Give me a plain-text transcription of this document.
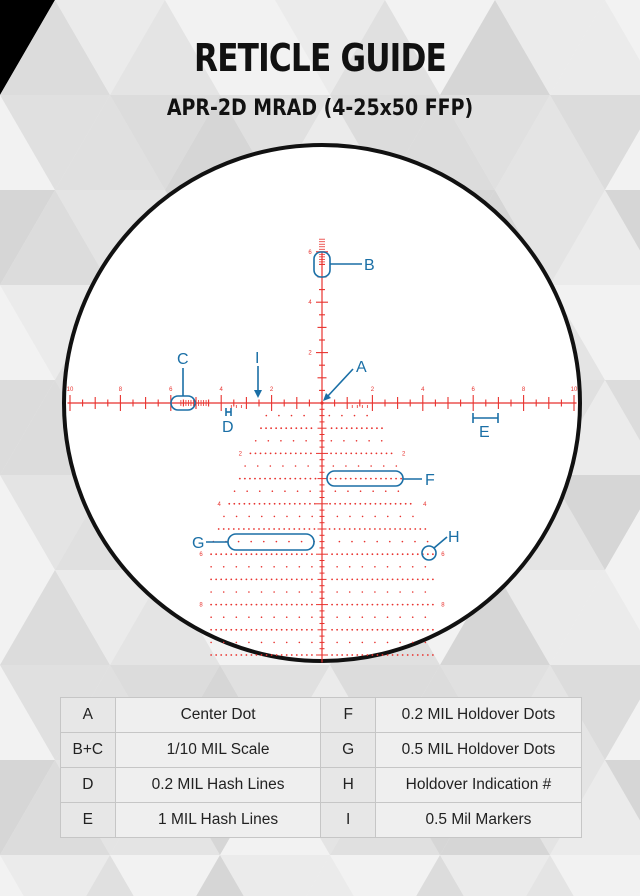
RETICLE GUIDE
APR-2D MRAD (4-25x50 FFP)
10	8	6	4	2	2	4	6	8	10
6
4
2
2	2
4	4
6	6
8	8
B
C	I
A
D	E
F
G	H
A	Center Dot	F	0.2 MIL Holdover Dots
B+C	1/10 MIL Scale	G	0.5 MIL Holdover Dots
D	0.2 MIL Hash Lines	H	Holdover Indication #
E	1 MIL Hash Lines	I	0.5 Mil Markers
